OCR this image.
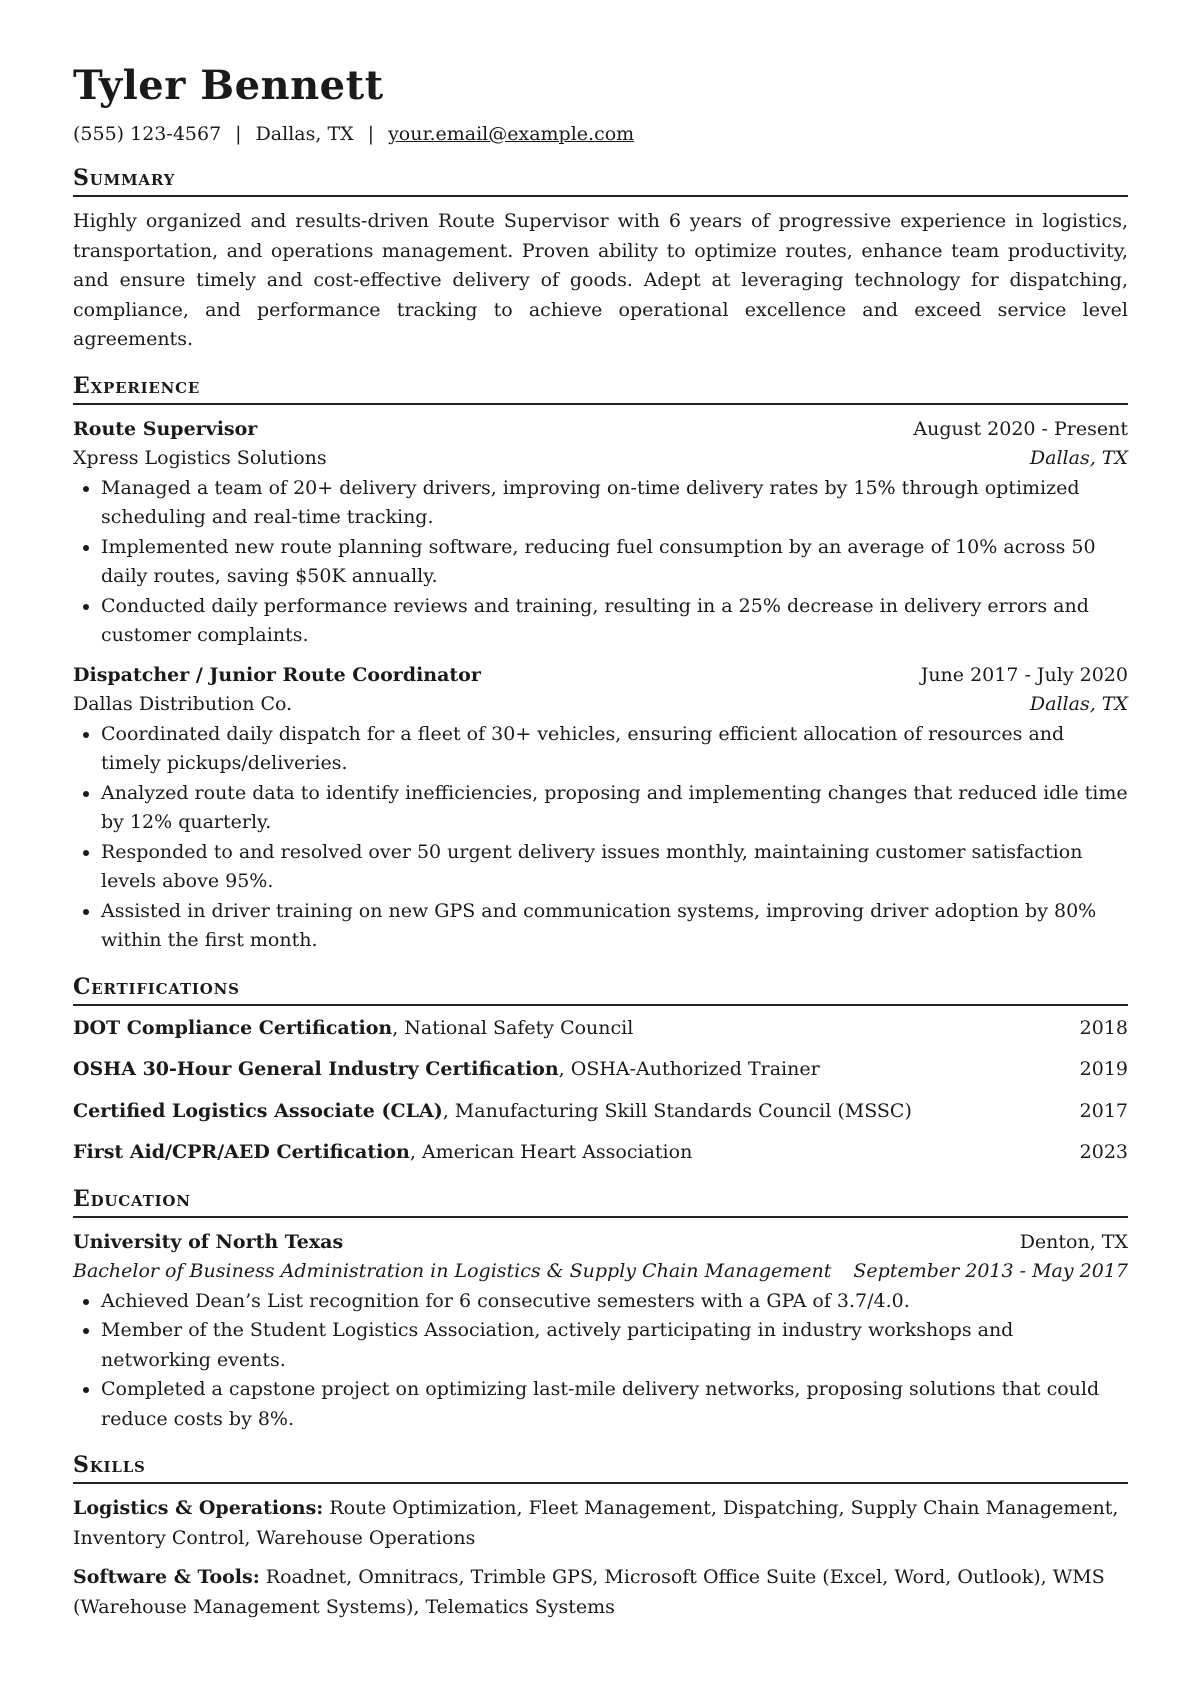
Tyler Bennett
(555) 123-4567 | Dallas, TX | your.email@example.com
Summary
Highly organized and results-driven Route Supervisor with 6 years of progressive experience in logistics, transportation, and operations management. Proven ability to optimize routes, enhance team productivity, and ensure timely and cost-effective delivery of goods. Adept at leveraging technology for dispatching, compliance, and performance tracking to achieve operational excellence and exceed service level agreements.
Experience
Route Supervisor	August 2020 - Present
Xpress Logistics Solutions	Dallas, TX
• Managed a team of 20+ delivery drivers, improving on-time delivery rates by 15% through optimized scheduling and real-time tracking.
• Implemented new route planning software, reducing fuel consumption by an average of 10% across 50 daily routes, saving $50K annually.
• Conducted daily performance reviews and training, resulting in a 25% decrease in delivery errors and customer complaints.
Dispatcher / Junior Route Coordinator	June 2017 - July 2020
Dallas Distribution Co.	Dallas, TX
• Coordinated daily dispatch for a fleet of 30+ vehicles, ensuring efficient allocation of resources and timely pickups/deliveries.
• Analyzed route data to identify inefficiencies, proposing and implementing changes that reduced idle time by 12% quarterly.
• Responded to and resolved over 50 urgent delivery issues monthly, maintaining customer satisfaction levels above 95%.
• Assisted in driver training on new GPS and communication systems, improving driver adoption by 80% within the first month.
Certifications
DOT Compliance Certification, National Safety Council	2018
OSHA 30-Hour General Industry Certification, OSHA-Authorized Trainer	2019
Certified Logistics Associate (CLA), Manufacturing Skill Standards Council (MSSC)	2017
First Aid/CPR/AED Certification, American Heart Association	2023
Education
University of North Texas	Denton, TX
Bachelor of Business Administration in Logistics & Supply Chain Management September 2013 - May 2017
• Achieved Dean’s List recognition for 6 consecutive semesters with a GPA of 3.7/4.0.
• Member of the Student Logistics Association, actively participating in industry workshops and networking events.
• Completed a capstone project on optimizing last-mile delivery networks, proposing solutions that could reduce costs by 8%.
Skills
Logistics & Operations: Route Optimization, Fleet Management, Dispatching, Supply Chain Management, Inventory Control, Warehouse Operations
Software & Tools: Roadnet, Omnitracs, Trimble GPS, Microsoft Office Suite (Excel, Word, Outlook), WMS (Warehouse Management Systems), Telematics Systems
